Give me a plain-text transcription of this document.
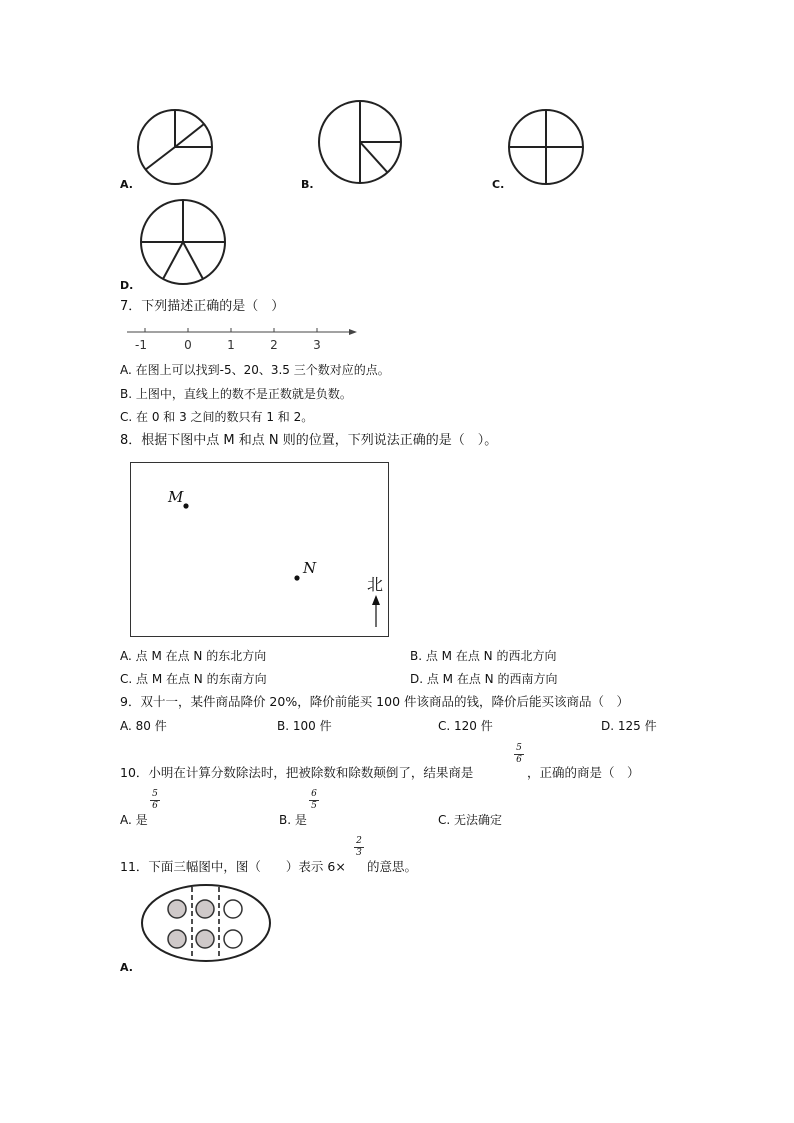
A.	B.	C.
D.
7．下列描述正确的是（　）
-1	0	1	2	3
A. 在图上可以找到-5、20、3.5 三个数对应的点。
B. 上图中，直线上的数不是正数就是负数。
C. 在 0 和 3 之间的数只有 1 和 2。
8．根据下图中点 M 和点 N 则的位置，下列说法正确的是（　）。
M
N
北
A. 点 M 在点 N 的东北方向	B. 点 M 在点 N 的西北方向
C. 点 M 在点 N 的东南方向	D. 点 M 在点 N 的西南方向
9．双十一，某件商品降价 20%，降价前能买 100 件该商品的钱，降价后能买该商品（　）
A. 80 件	B. 100 件	C. 120 件	D. 125 件
10．小明在计算分数除法时，把被除数和除数颠倒了，结果商是
5
6
，正确的商是（　）
A. 是
5
6
B. 是
6
5
C. 无法确定
11．下面三幅图中，图（　　）表示 6×
2
3
的意思。
A.
